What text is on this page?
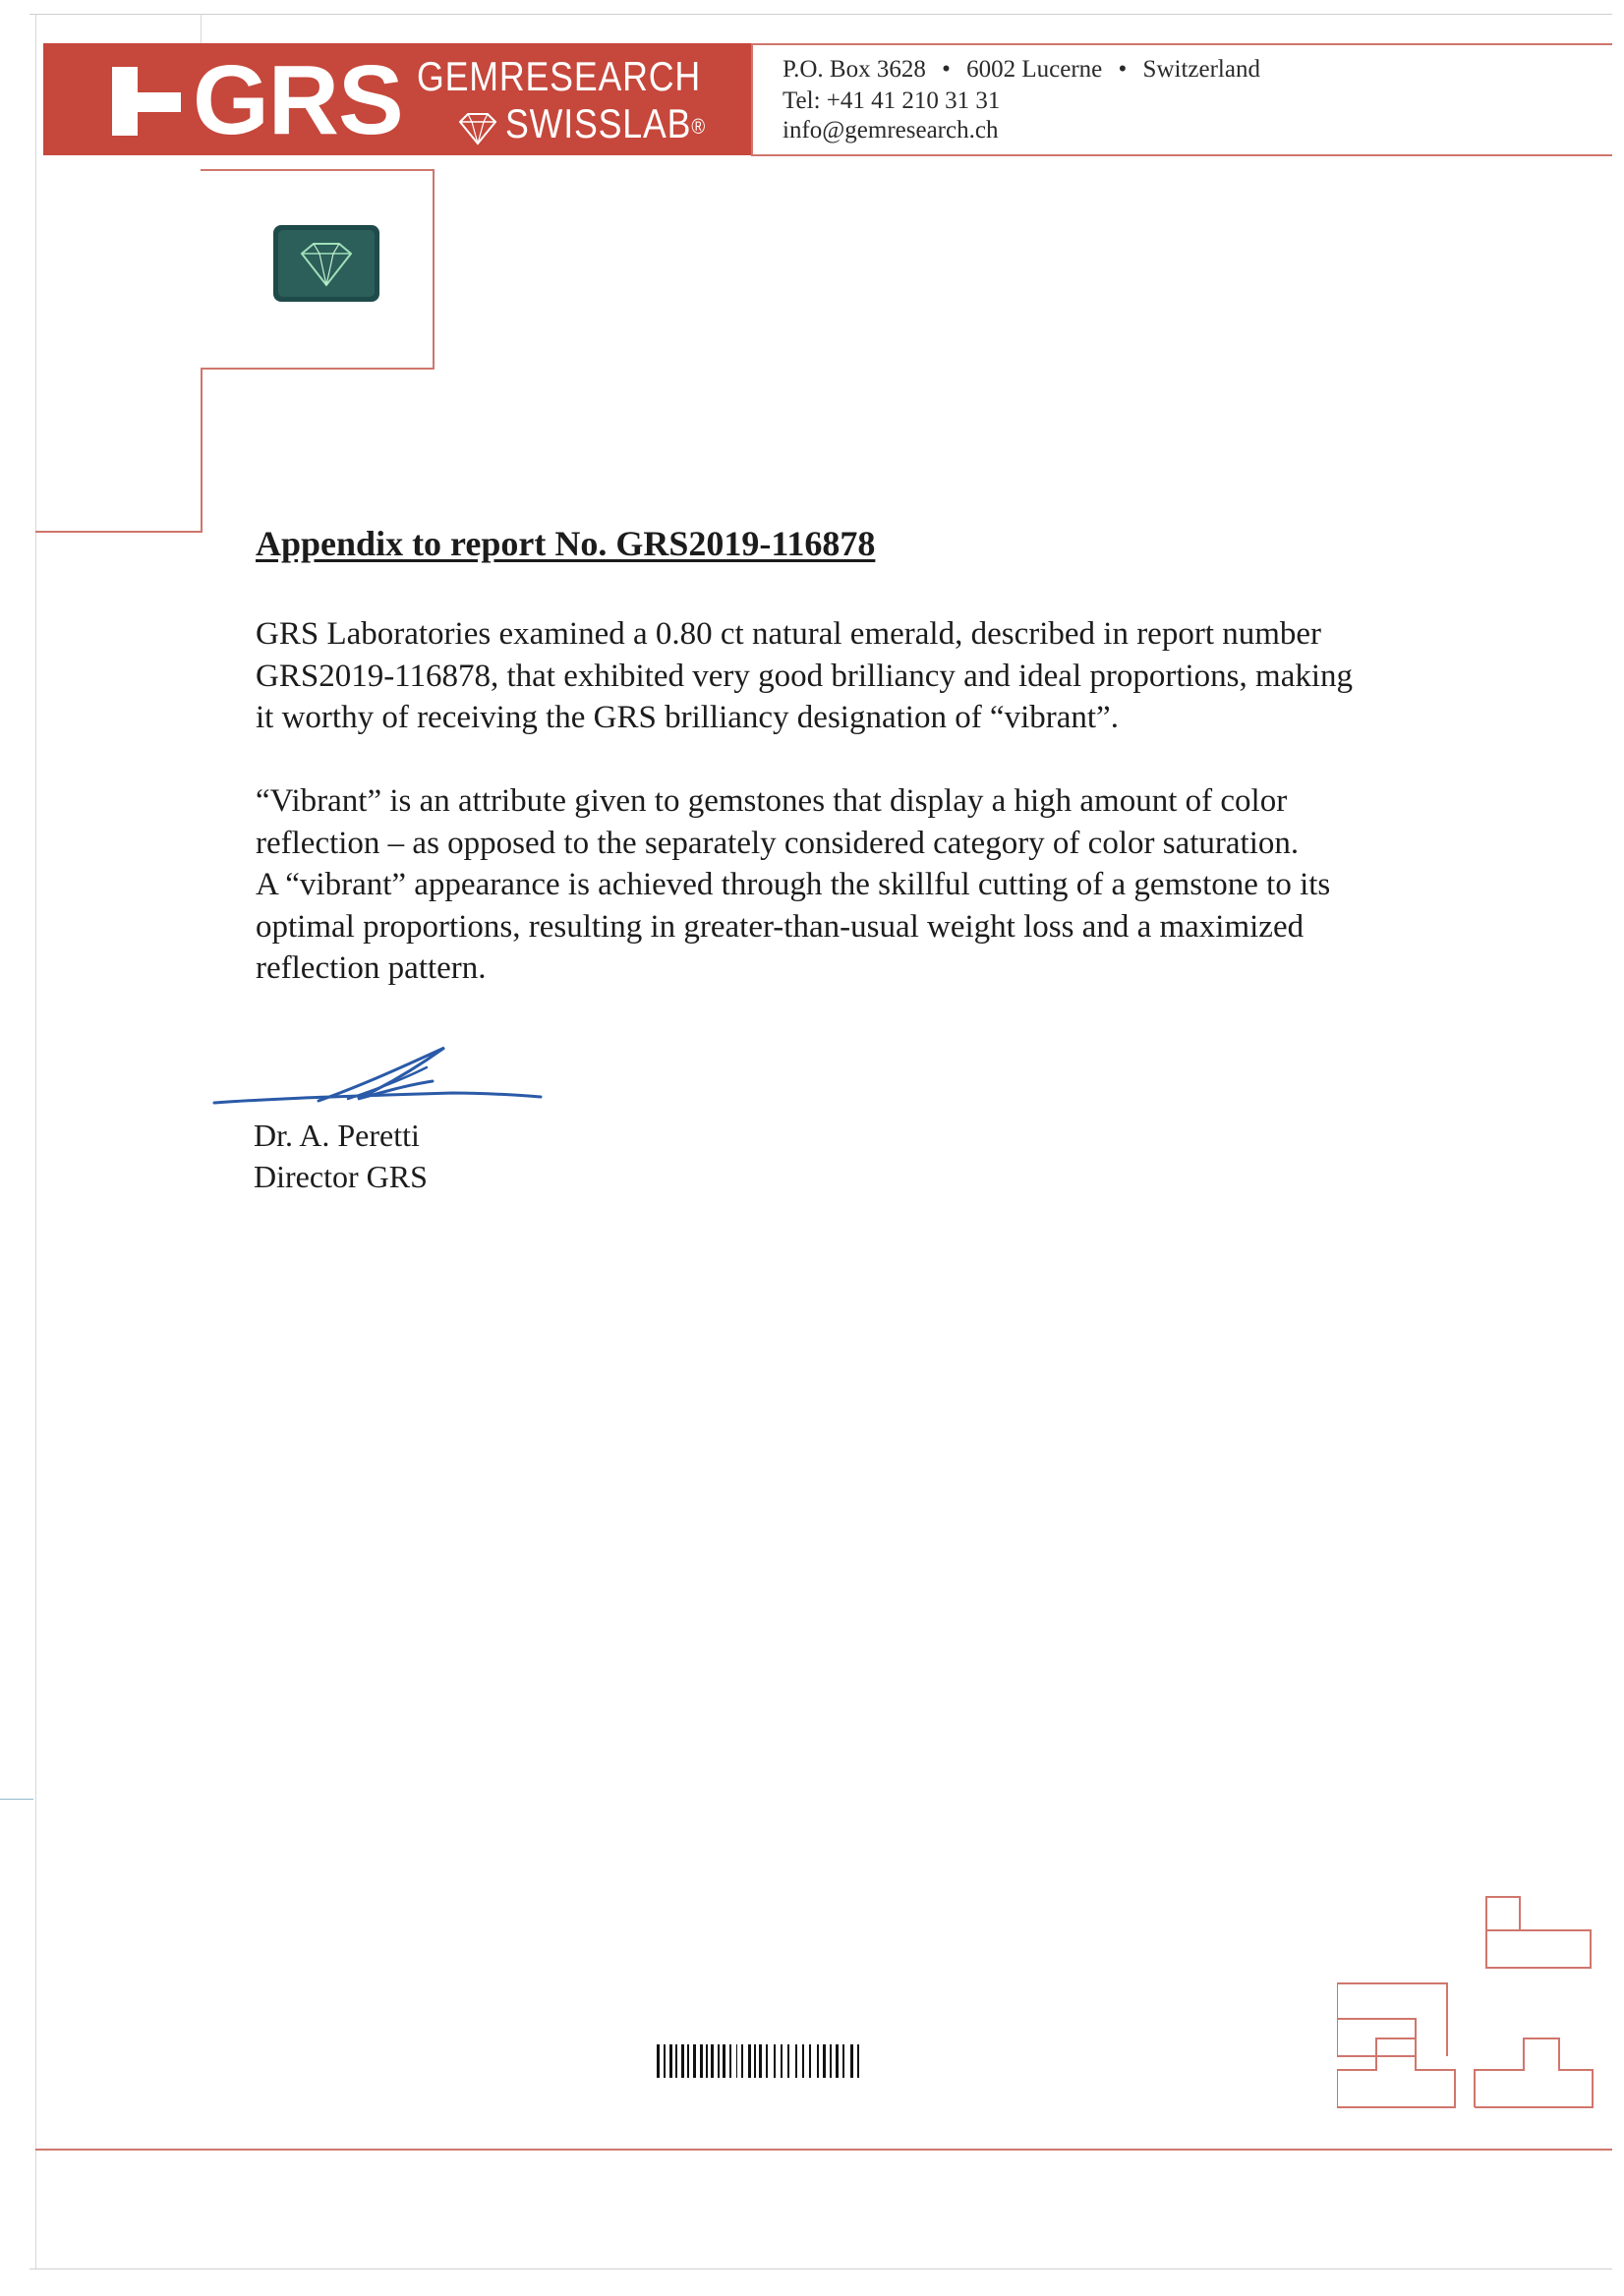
GRS GEMRESEARCH
SWISSLAB®
P.O. Box 3628 • 6002 Lucerne • Switzerland
Tel: +41 41 210 31 31
info@gemresearch.ch
Appendix to report No. GRS2019-116878
GRS Laboratories examined a 0.80 ct natural emerald, described in report number
GRS2019-116878, that exhibited very good brilliancy and ideal proportions, making
it worthy of receiving the GRS brilliancy designation of “vibrant”.
“Vibrant” is an attribute given to gemstones that display a high amount of color
reflection – as opposed to the separately considered category of color saturation.
A “vibrant” appearance is achieved through the skillful cutting of a gemstone to its
optimal proportions, resulting in greater-than-usual weight loss and a maximized
reflection pattern.
Dr. A. Peretti
Director GRS
